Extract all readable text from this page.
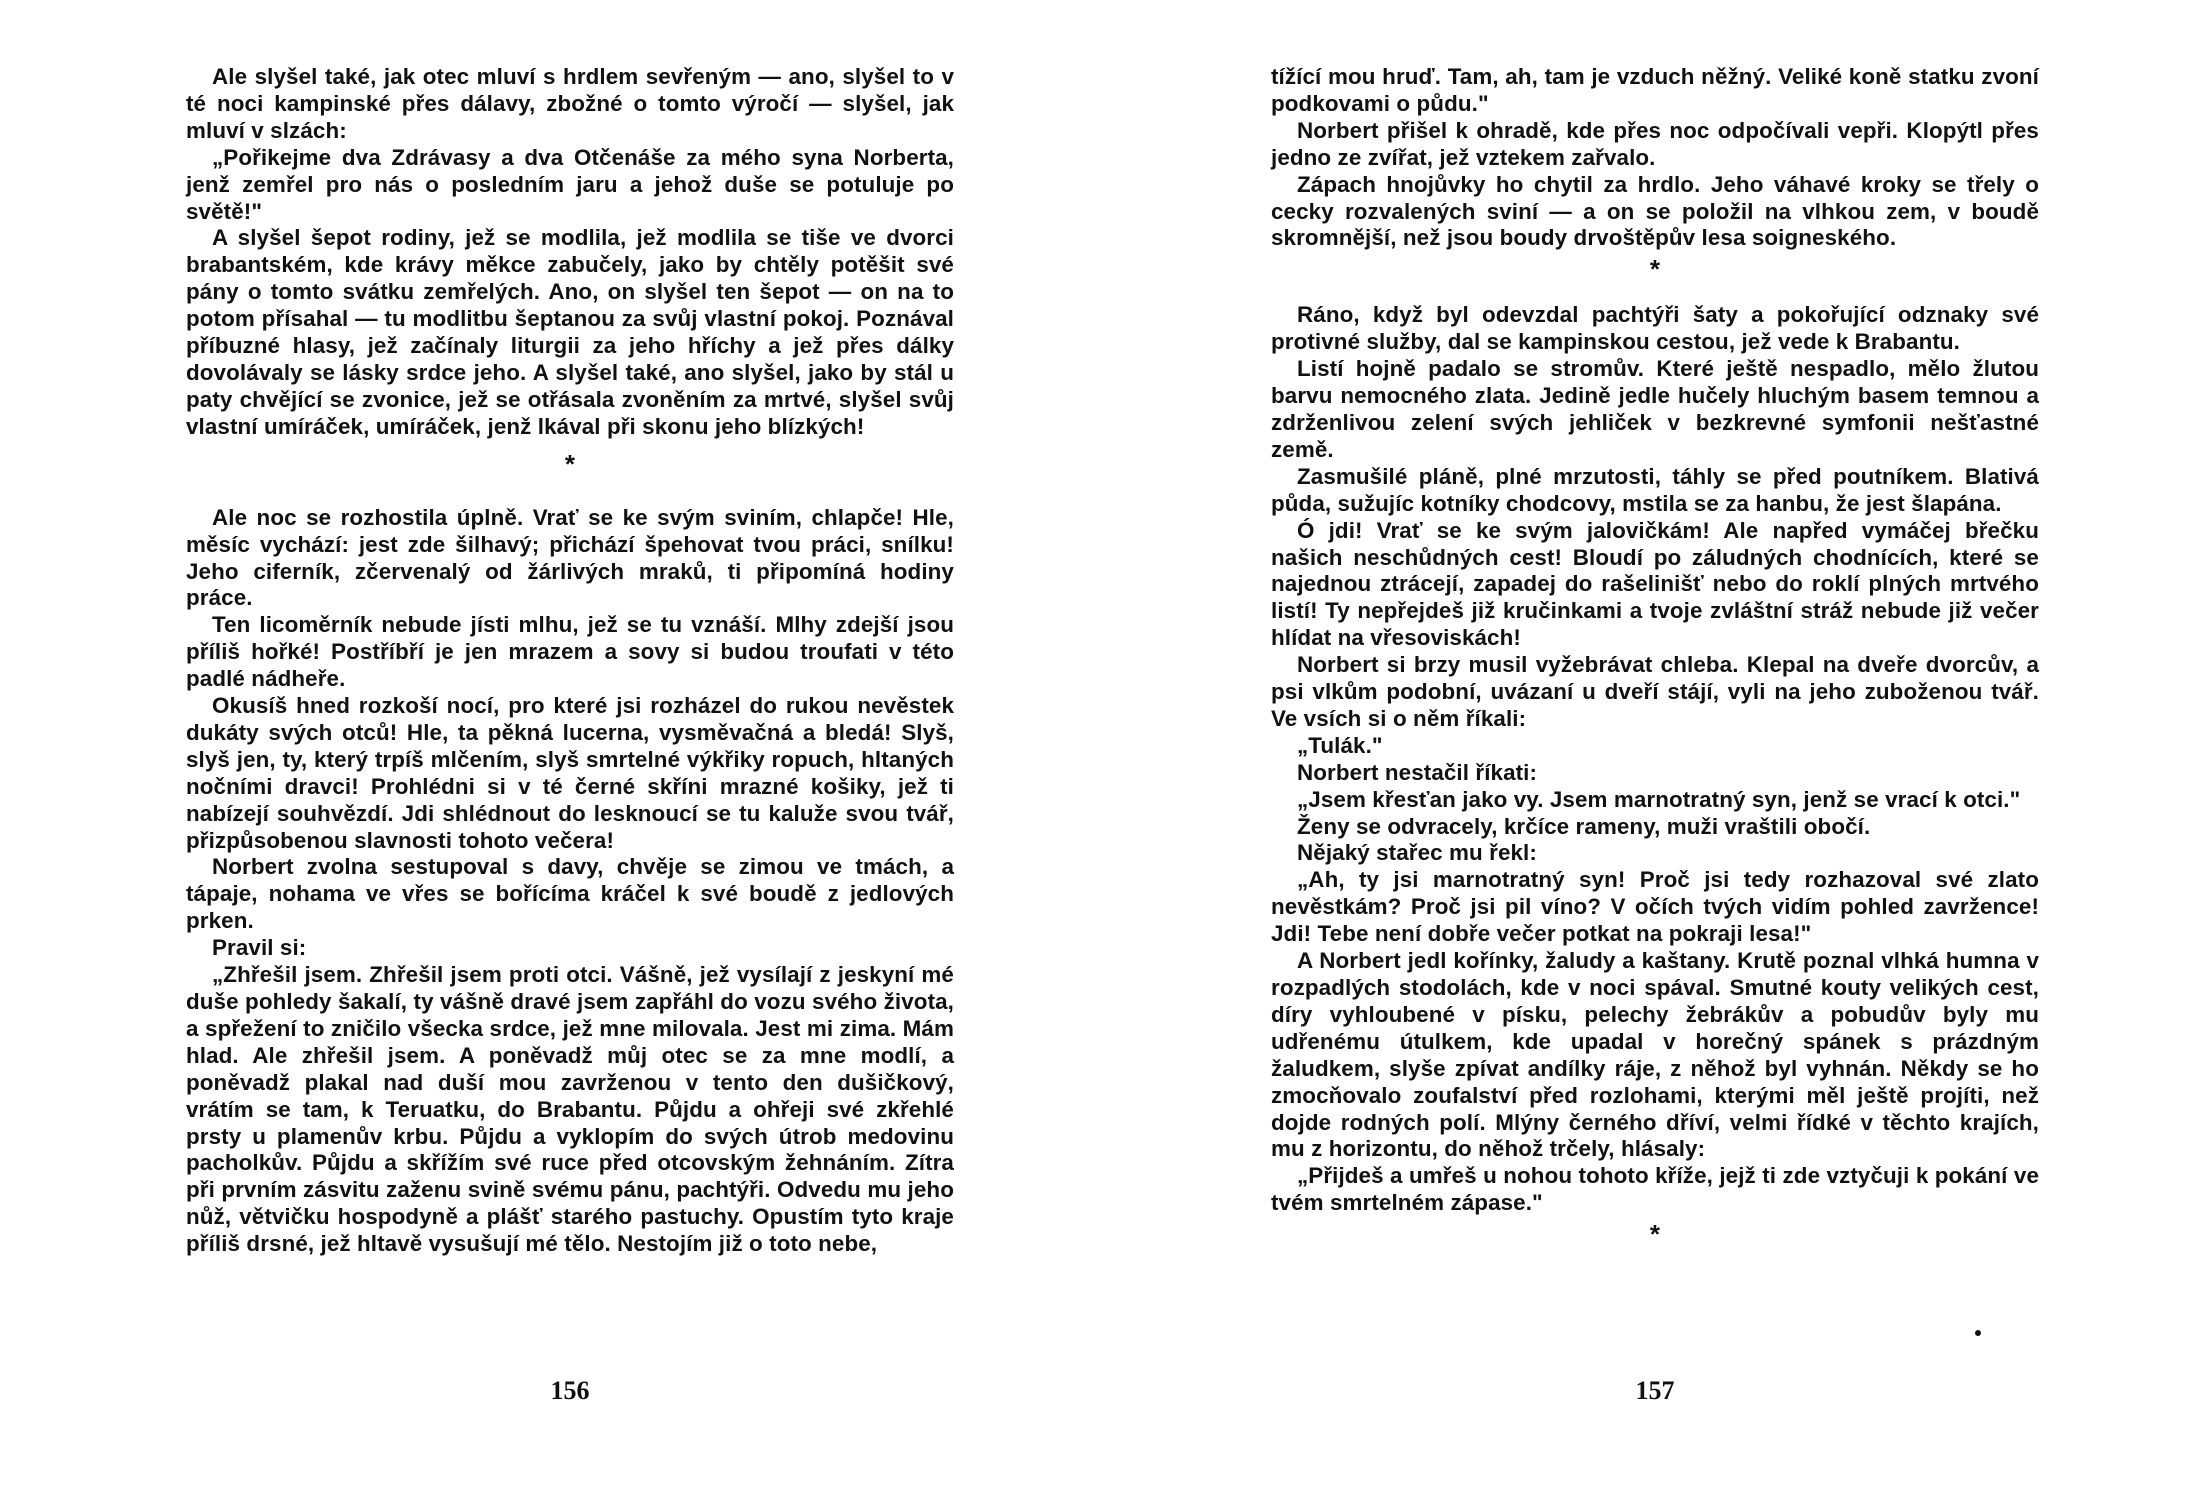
Ale slyšel také, jak otec mluví s hrdlem sevřeným — ano, slyšel to v té noci kampinské přes dálavy, zbožné o tomto výročí — slyšel, jak mluví v slzách:

„Pořikejme dva Zdrávasy a dva Otčenáše za mého syna Norberta, jenž zemřel pro nás o posledním jaru a jehož duše se potuluje po světě!"

A slyšel šepot rodiny, jež se modlila, jež modlila se tiše ve dvorci brabantském, kde krávy měkce zabučely, jako by chtěly potěšit své pány o tomto svátku zemřelých. Ano, on slyšel ten šepot — on na to potom přísahal — tu modlitbu šeptanou za svůj vlastní pokoj. Poznával příbuzné hlasy, jež začínaly liturgii za jeho hříchy a jež přes dálky dovolávaly se lásky srdce jeho. A slyšel také, ano slyšel, jako by stál u paty chvějící se zvonice, jež se otřásala zvoněním za mrtvé, slyšel svůj vlastní umíráček, umíráček, jenž lkával při skonu jeho blízkých!

*

Ale noc se rozhostila úplně. Vrať se ke svým sviním, chlapče! Hle, měsíc vychází: jest zde šilhavý; přichází špehovat tvou práci, snílku! Jeho ciferník, zčervenalý od žárlivých mraků, ti připomíná hodiny práce.

Ten licoměrník nebude jísti mlhu, jež se tu vznáší. Mlhy zdejší jsou příliš hořké! Postříbří je jen mrazem a sovy si budou troufati v této padlé nádheře.

Okusíš hned rozkoší nocí, pro které jsi rozházel do rukou nevěstek dukáty svých otců! Hle, ta pěkná lucerna, vysměvačná a bledá! Slyš, slyš jen, ty, který trpíš mlčením, slyš smrtelné výkřiky ropuch, hltaných nočními dravci! Prohlédni si v té černé skříni mrazné košiky, jež ti nabízejí souhvězdí. Jdi shlédnout do lesknoucí se tu kaluže svou tvář, přizpůsobenou slavnosti tohoto večera!

Norbert zvolna sestupoval s davy, chvěje se zimou ve tmách, a tápaje, nohama ve vřes se bořícíma kráčel k své boudě z jedlových prken.

Pravil si:

„Zhřešil jsem. Zhřešil jsem proti otci. Vášně, jež vysílají z jeskyní mé duše pohledy šakalí, ty vášně dravé jsem zapřáhl do vozu svého života, a spřežení to zničilo všecka srdce, jež mne milovala. Jest mi zima. Mám hlad. Ale zhřešil jsem. A poněvadž můj otec se za mne modlí, a poněvadž plakal nad duší mou zavrženou v tento den dušičkový, vrátím se tam, k Teruatku, do Brabantu. Půjdu a ohřeji své zkřehlé prsty u plamenův krbu. Půjdu a vyklopím do svých útrob medovinu pacholkův. Půjdu a skřížím své ruce před otcovským žehnáním. Zítra při prvním zásvitu zaženu svině svému pánu, pachtýři. Odvedu mu jeho nůž, větvičku hospodyně a plášť starého pastuchy. Opustím tyto kraje příliš drsné, jež hltavě vysušují mé tělo. Nestojím již o toto nebe,

156

tížící mou hruď. Tam, ah, tam je vzduch něžný. Veliké koně statku zvoní podkovami o půdu."

Norbert přišel k ohradě, kde přes noc odpočívali vepři. Klopýtl přes jedno ze zvířat, jež vztekem zařvalo.

Zápach hnojůvky ho chytil za hrdlo. Jeho váhavé kroky se třely o cecky rozvalených sviní — a on se položil na vlhkou zem, v boudě skromnější, než jsou boudy drvoštěpův lesa soigneského.

*

Ráno, když byl odevzdal pachtýři šaty a pokořující odznaky své protivné služby, dal se kampinskou cestou, jež vede k Brabantu.

Listí hojně padalo se stromův. Které ještě nespadlo, mělo žlutou barvu nemocného zlata. Jedině jedle hučely hluchým basem temnou a zdrženlivou zelení svých jehliček v bezkrevné symfonii nešťastné země.

Zasmušilé pláně, plné mrzutosti, táhly se před poutníkem. Blativá půda, sužujíc kotníky chodcovy, mstila se za hanbu, že jest šlapána.

Ó jdi! Vrať se ke svým jalovičkám! Ale napřed vymáčej břečku našich neschůdných cest! Bloudí po záludných chodnících, které se najednou ztrácejí, zapadej do rašelinišť nebo do roklí plných mrtvého listí! Ty nepřejdeš již kručinkami a tvoje zvláštní stráž nebude již večer hlídat na vřesoviskách!

Norbert si brzy musil vyžebrávat chleba. Klepal na dveře dvorcův, a psi vlkům podobní, uvázaní u dveří stájí, vyli na jeho zuboženou tvář. Ve vsích si o něm říkali:

„Tulák."

Norbert nestačil říkati:

„Jsem křesťan jako vy. Jsem marnotratný syn, jenž se vrací k otci."

Ženy se odvracely, krčíce rameny, muži vraštili obočí.

Nějaký stařec mu řekl:

„Ah, ty jsi marnotratný syn! Proč jsi tedy rozhazoval své zlato nevěstkám? Proč jsi pil víno? V očích tvých vidím pohled zavržence! Jdi! Tebe není dobře večer potkat na pokraji lesa!"

A Norbert jedl kořínky, žaludy a kaštany. Krutě poznal vlhká humna v rozpadlých stodolách, kde v noci spával. Smutné kouty velikých cest, díry vyhloubené v písku, pelechy žebrákův a pobudův byly mu udřenému útulkem, kde upadal v horečný spánek s prázdným žaludkem, slyše zpívat andílky ráje, z něhož byl vyhnán. Někdy se ho zmocňovalo zoufalství před rozlohami, kterými měl ještě projíti, než dojde rodných polí. Mlýny černého dříví, velmi řídké v těchto krajích, mu z horizontu, do něhož trčely, hlásaly:

„Přijdeš a umřeš u nohou tohoto kříže, jejž ti zde vztyčuji k pokání ve tvém smrtelném zápase."

*

157
